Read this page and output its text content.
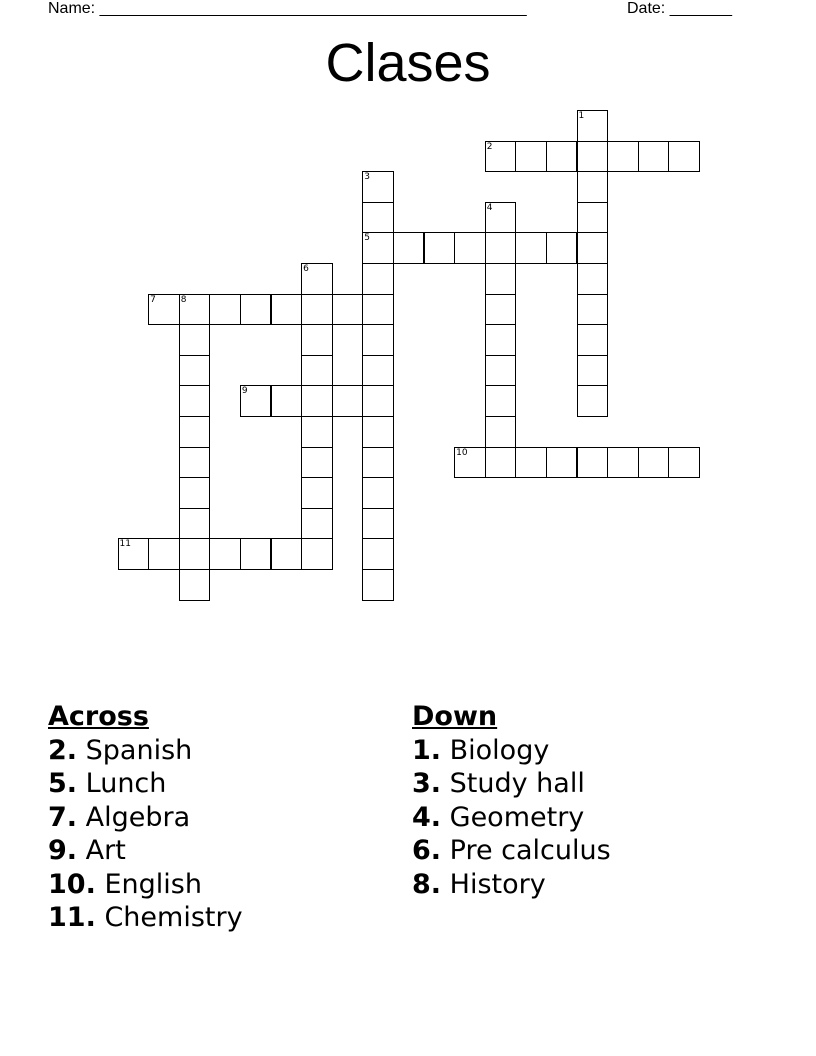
Name: ________________________________________________	Date: _______
Clases
1
2
3
4
5
6
7	8
9
10
11
Across
2. Spanish
5. Lunch
7. Algebra
9. Art
10. English
11. Chemistry
Down
1. Biology
3. Study hall
4. Geometry
6. Pre calculus
8. History
